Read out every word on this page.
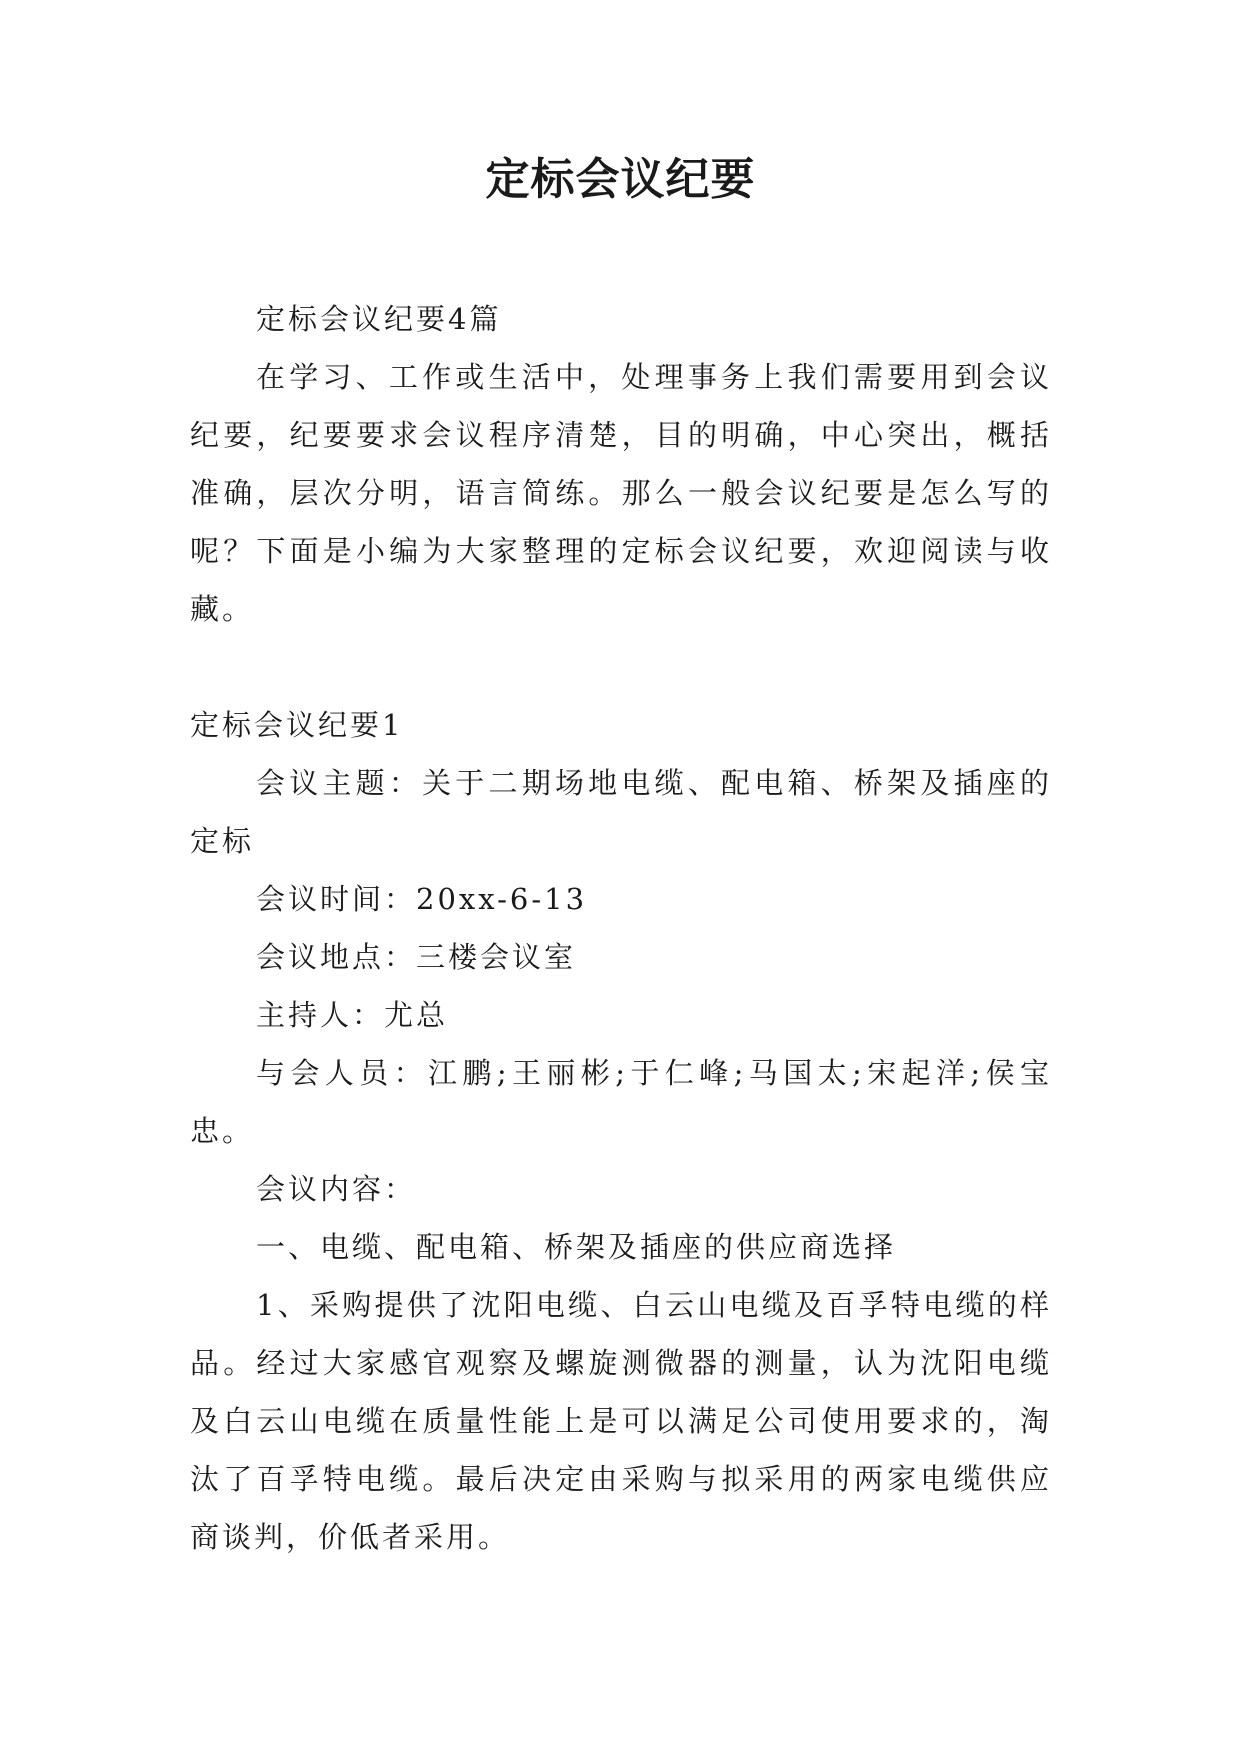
定标会议纪要

定标会议纪要4篇

在学习、工作或生活中，处理事务上我们需要用到会议纪要，纪要要求会议程序清楚，目的明确，中心突出，概括准确，层次分明，语言简练。那么一般会议纪要是怎么写的呢？下面是小编为大家整理的定标会议纪要，欢迎阅读与收藏。

定标会议纪要1

会议主题：关于二期场地电缆、配电箱、桥架及插座的定标

会议时间：20xx-6-13

会议地点：三楼会议室

主持人：尤总

与会人员：江鹏;王丽彬;于仁峰;马国太;宋起洋;侯宝忠。

会议内容：

一、电缆、配电箱、桥架及插座的供应商选择

1、采购提供了沈阳电缆、白云山电缆及百孚特电缆的样品。经过大家感官观察及螺旋测微器的测量，认为沈阳电缆及白云山电缆在质量性能上是可以满足公司使用要求的，淘汰了百孚特电缆。最后决定由采购与拟采用的两家电缆供应商谈判，价低者采用。
